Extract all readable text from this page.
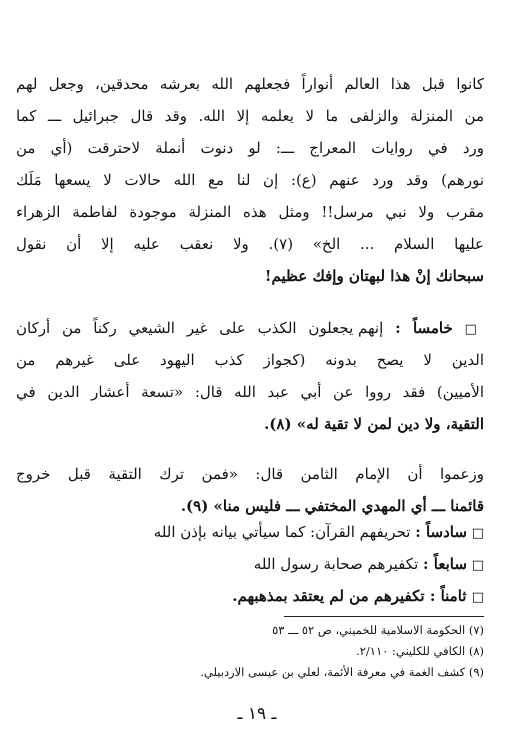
كانوا قبل هذا العالم أنواراً فجعلهم الله بعرشه محدقين، وجعل لهم
من المنزلة والزلفى ما لا يعلمه إلا الله. وقد قال جبرائيل ـــ كما
ورد في روايات المعراج ـــ: لو دنوت أنملة لاحترقت (أي من
نورهم) وقد ورد عنهم (ع): إن لنا مع الله حالات لا يسعها مَلَك
مقرب ولا نبي مرسل!! ومثل هذه المنزلة موجودة لفاطمة الزهراء
عليها السلام ... الخ» (٧). ولا نعقب عليه إلا أن نقول
سبحانك إنْ هذا لبهتان وإفك عظيم!
□ خامساً : إنهم يجعلون الكذب على غير الشيعي ركناً من أركان
الدين لا يصح بدونه (كجواز كذب اليهود على غيرهم من
الأميين) فقد رووا عن أبي عبد الله قال: «تسعة أعشار الدين في
التقية، ولا دين لمن لا تقية له» (٨).
وزعموا أن الإمام الثامن قال: «فمن ترك التقية قبل خروج
قائمنا ـــ أي المهدي المختفي ـــ فليس منا» (٩).
□ سادساً : تحريفهم القرآن: كما سيأتي بيانه بإذن الله
□ سابعاً : تكفيرهم صحابة رسول الله
□ ثامناً : تكفيرهم من لم يعتقد بمذهبهم.
(٧) الحكومة الاسلامية للخميني، ص ٥٢ ـــ ٥٣
(٨) الكافي للكليني: ٢/١١٠.
(٩) كشف الغمة في معرفة الأئمة، لعلي بن عيسى الاردبيلي.
ـ ١٩ ـ
